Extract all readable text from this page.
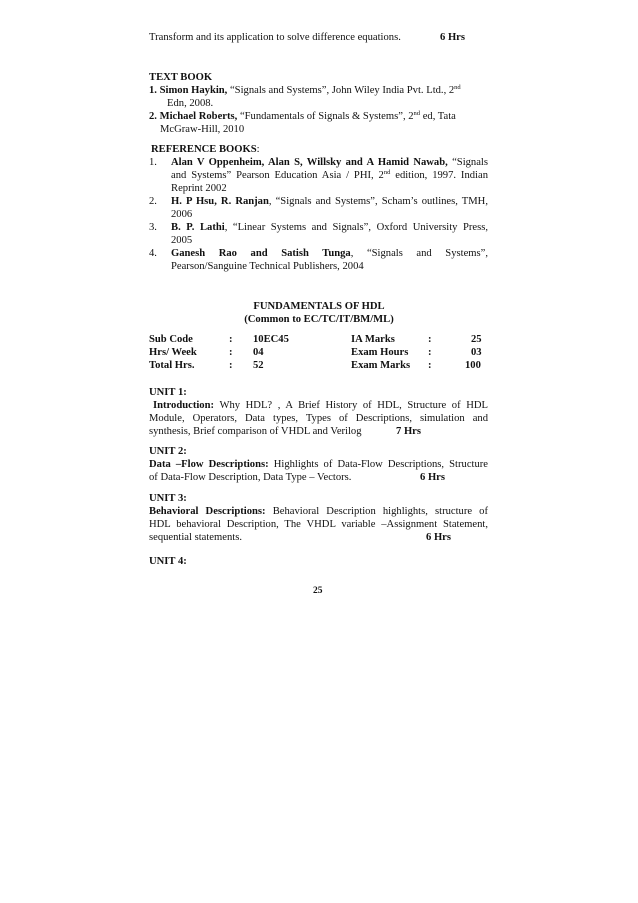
Transform and its application to solve difference equations.	6 Hrs
TEXT BOOK
1. Simon Haykin, “Signals and Systems”, John Wiley India Pvt. Ltd., 2nd
Edn, 2008.
2. Michael Roberts, “Fundamentals of Signals & Systems”, 2nd ed, Tata
McGraw-Hill, 2010
REFERENCE BOOKS:
1. Alan V Oppenheim, Alan S, Willsky and A Hamid Nawab, “Signals
and Systems” Pearson Education Asia / PHI, 2nd edition, 1997. Indian
Reprint 2002
2. H. P Hsu, R. Ranjan, “Signals and Systems”, Scham’s outlines, TMH,
2006
3. B. P. Lathi, “Linear Systems and Signals”, Oxford University Press,
2005
4. Ganesh Rao and Satish Tunga, “Signals and Systems”,
Pearson/Sanguine Technical Publishers, 2004
FUNDAMENTALS OF HDL
(Common to EC/TC/IT/BM/ML)
Sub Code	: 10EC45	IA Marks	:	25
Hrs/ Week	: 04	Exam Hours :	03
Total Hrs.	: 52	Exam Marks :	100
UNIT 1:
Introduction: Why HDL? , A Brief History of HDL, Structure of HDL
Module, Operators, Data types, Types of Descriptions, simulation and
synthesis, Brief comparison of VHDL and Verilog	7 Hrs
UNIT 2:
Data –Flow Descriptions: Highlights of Data-Flow Descriptions, Structure
of Data-Flow Description, Data Type – Vectors.	6 Hrs
UNIT 3:
Behavioral Descriptions: Behavioral Description highlights, structure of
HDL behavioral Description, The VHDL variable –Assignment Statement,
sequential statements.	6 Hrs
UNIT 4:
25
